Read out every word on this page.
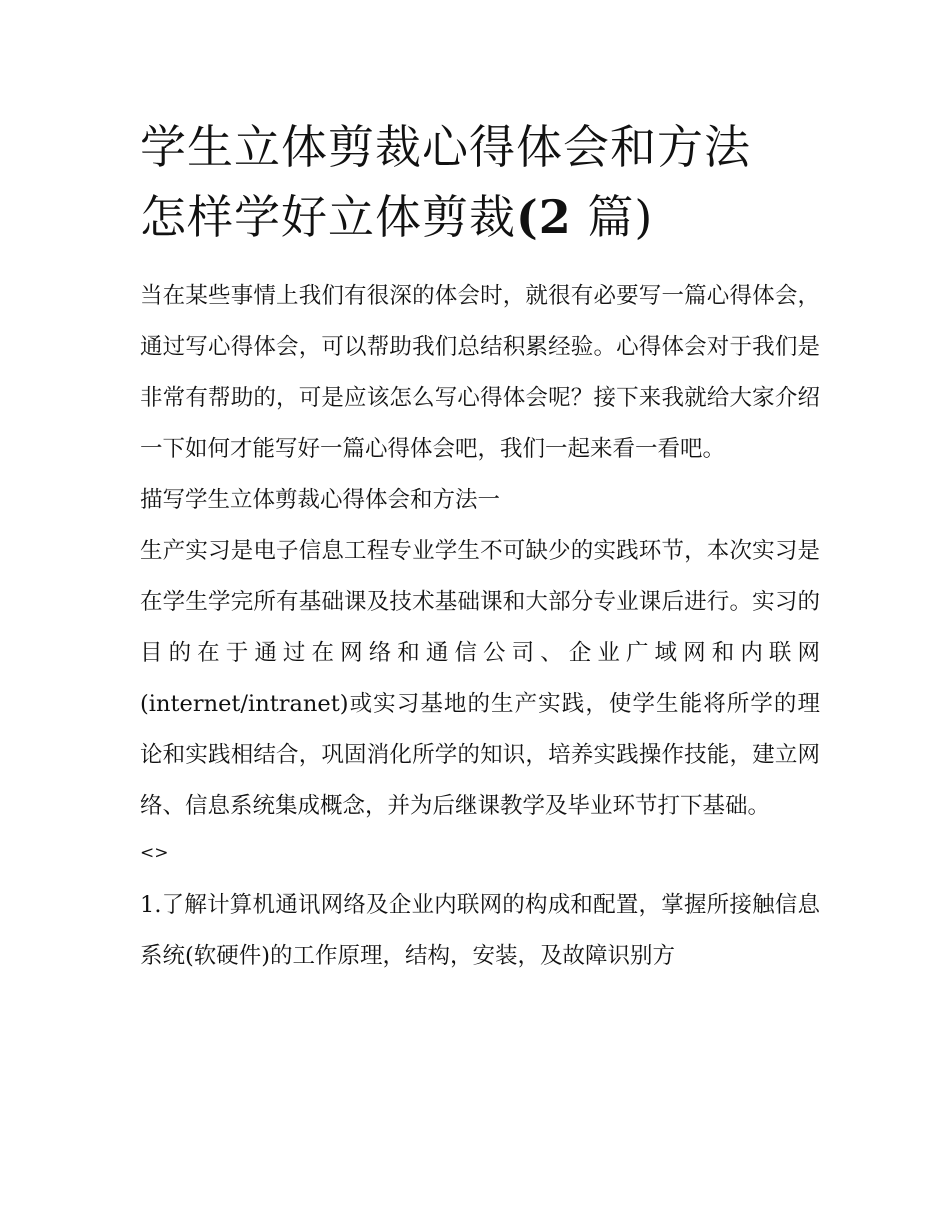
学生立体剪裁心得体会和方法
怎样学好立体剪裁(2 篇)

当在某些事情上我们有很深的体会时，就很有必要写一篇心得体会，通过写心得体会，可以帮助我们总结积累经验。心得体会对于我们是非常有帮助的，可是应该怎么写心得体会呢？接下来我就给大家介绍一下如何才能写好一篇心得体会吧，我们一起来看一看吧。

描写学生立体剪裁心得体会和方法一

生产实习是电子信息工程专业学生不可缺少的实践环节，本次实习是在学生学完所有基础课及技术基础课和大部分专业课后进行。实习的目的在于通过在网络和通信公司、企业广域网和内联网(internet/intranet)或实习基地的生产实践，使学生能将所学的理论和实践相结合，巩固消化所学的知识，培养实践操作技能，建立网络、信息系统集成概念，并为后继课教学及毕业环节打下基础。

<>

1.了解计算机通讯网络及企业内联网的构成和配置，掌握所接触信息系统(软硬件)的工作原理，结构，安装，及故障识别方
